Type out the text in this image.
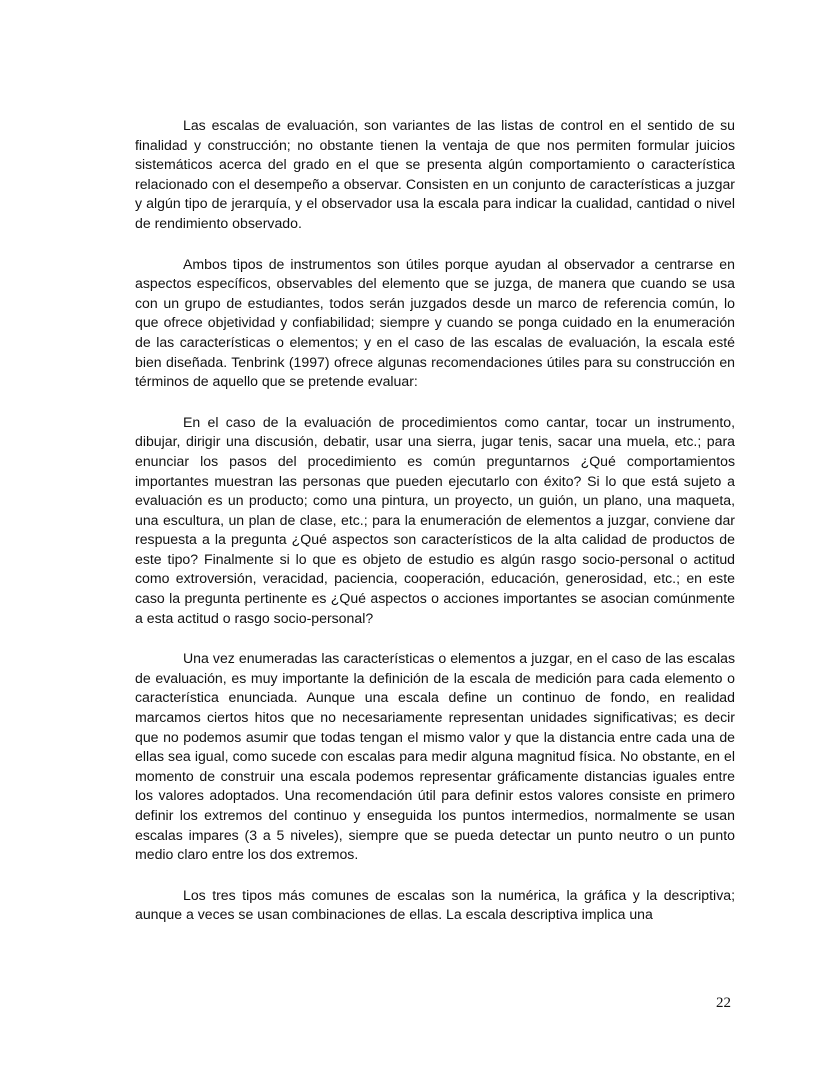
Las escalas de evaluación, son variantes de las listas de control en el sentido de su finalidad y construcción; no obstante tienen la ventaja de que nos permiten formular juicios sistemáticos acerca del grado en el que se presenta algún comportamiento o característica relacionado con el desempeño a observar. Consisten en un conjunto de características a juzgar y algún tipo de jerarquía, y el observador usa la escala para indicar la cualidad, cantidad o nivel de rendimiento observado.

Ambos tipos de instrumentos son útiles porque ayudan al observador a centrarse en aspectos específicos, observables del elemento que se juzga, de manera que cuando se usa con un grupo de estudiantes, todos serán juzgados desde un marco de referencia común, lo que ofrece objetividad y confiabilidad; siempre y cuando se ponga cuidado en la enumeración de las características o elementos; y en el caso de las escalas de evaluación, la escala esté bien diseñada. Tenbrink (1997) ofrece algunas recomendaciones útiles para su construcción en términos de aquello que se pretende evaluar:

En el caso de la evaluación de procedimientos como cantar, tocar un instrumento, dibujar, dirigir una discusión, debatir, usar una sierra, jugar tenis, sacar una muela, etc.; para enunciar los pasos del procedimiento es común preguntarnos ¿Qué comportamientos importantes muestran las personas que pueden ejecutarlo con éxito? Si lo que está sujeto a evaluación es un producto; como una pintura, un proyecto, un guión, un plano, una maqueta, una escultura, un plan de clase, etc.; para la enumeración de elementos a juzgar, conviene dar respuesta a la pregunta ¿Qué aspectos son característicos de la alta calidad de productos de este tipo? Finalmente si lo que es objeto de estudio es algún rasgo socio-personal o actitud como extroversión, veracidad, paciencia, cooperación, educación, generosidad, etc.; en este caso la pregunta pertinente es ¿Qué aspectos o acciones importantes se asocian comúnmente a esta actitud o rasgo socio-personal?

Una vez enumeradas las características o elementos a juzgar, en el caso de las escalas de evaluación, es muy importante la definición de la escala de medición para cada elemento o característica enunciada. Aunque una escala define un continuo de fondo, en realidad marcamos ciertos hitos que no necesariamente representan unidades significativas; es decir que no podemos asumir que todas tengan el mismo valor y que la distancia entre cada una de ellas sea igual, como sucede con escalas para medir alguna magnitud física. No obstante, en el momento de construir una escala podemos representar gráficamente distancias iguales entre los valores adoptados. Una recomendación útil para definir estos valores consiste en primero definir los extremos del continuo y enseguida los puntos intermedios, normalmente se usan escalas impares (3 a 5 niveles), siempre que se pueda detectar un punto neutro o un punto medio claro entre los dos extremos.

Los tres tipos más comunes de escalas son la numérica, la gráfica y la descriptiva; aunque a veces se usan combinaciones de ellas. La escala descriptiva implica una

22
